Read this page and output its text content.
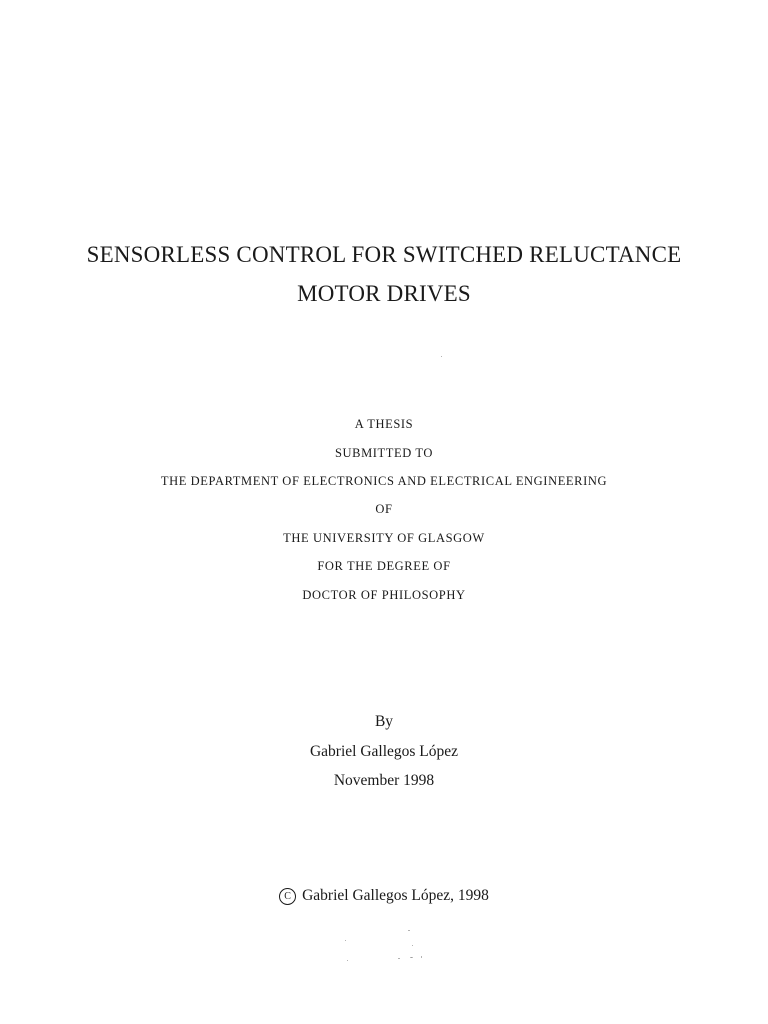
SENSORLESS CONTROL FOR SWITCHED RELUCTANCE
MOTOR DRIVES
A THESIS
SUBMITTED TO
THE DEPARTMENT OF ELECTRONICS AND ELECTRICAL ENGINEERING
OF
THE UNIVERSITY OF GLASGOW
FOR THE DEGREE OF
DOCTOR OF PHILOSOPHY
By
Gabriel Gallegos López
November 1998
C Gabriel Gallegos López, 1998
